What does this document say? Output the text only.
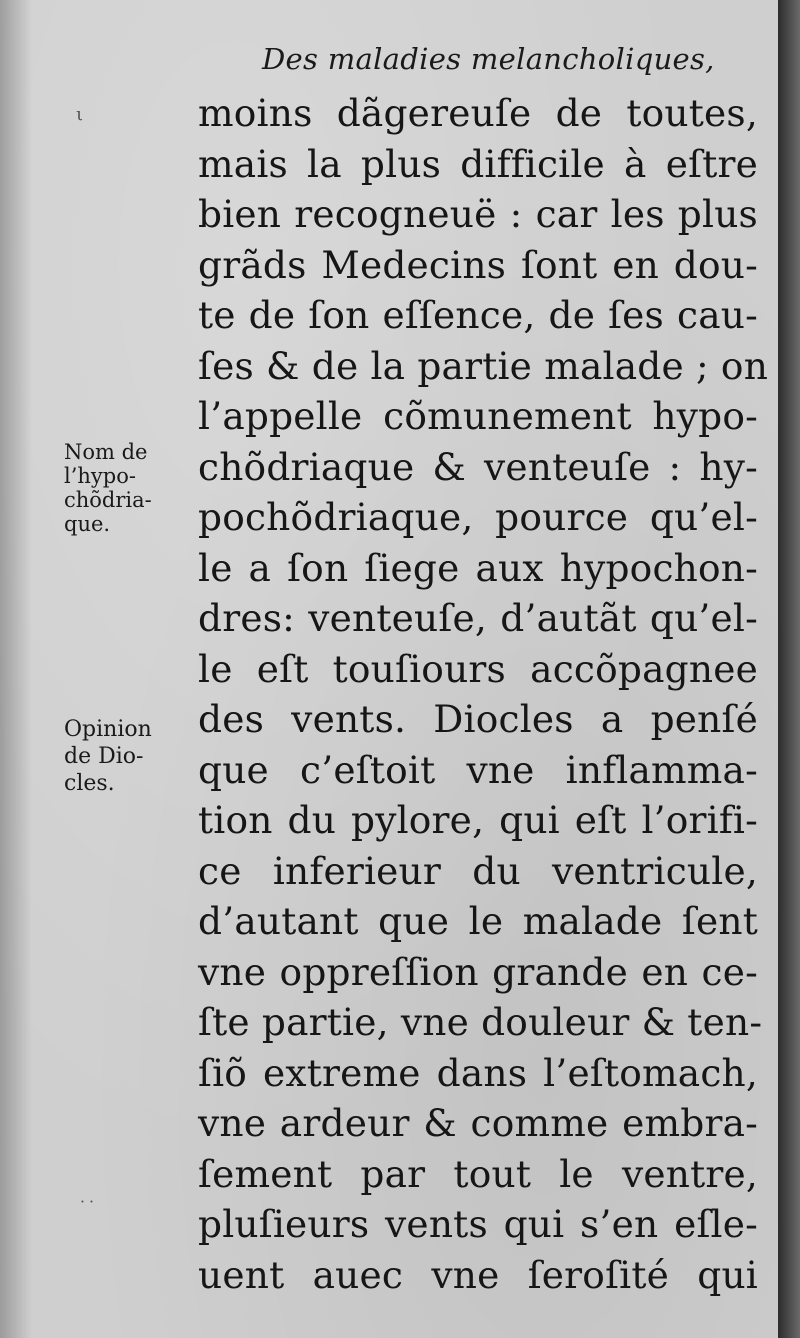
Des maladies melancholiques,
moins dãgereuſe de toutes,
mais la plus difficile à eſtre
bien recogneuë : car les plus
grãds Medecins ſont en dou-
te de ſon eſſence, de ſes cau-
ſes & de la partie malade ; on
l’appelle cõmunement hypo-
chõdriaque & venteuſe : hy-
pochõdriaque, pource qu’el-
le a ſon ſiege aux hypochon-
dres: venteuſe, d’autãt qu’el-
le eſt touſiours accõpagnee
des vents. Diocles a penſé
que c’eſtoit vne inflamma-
tion du pylore, qui eſt l’orifi-
ce inferieur du ventricule,
d’autant que le malade ſent
vne oppreſſion grande en ce-
ſte partie, vne douleur & ten-
ſiõ extreme dans l’eſtomach,
vne ardeur & comme embra-
ſement par tout le ventre,
pluſieurs vents qui s’en eſle-
uent auec vne ſeroſité qui
Nom de
l’hypo-
chõdria-
que.
Opinion
de Dio-
cles.
ι
˙˙
